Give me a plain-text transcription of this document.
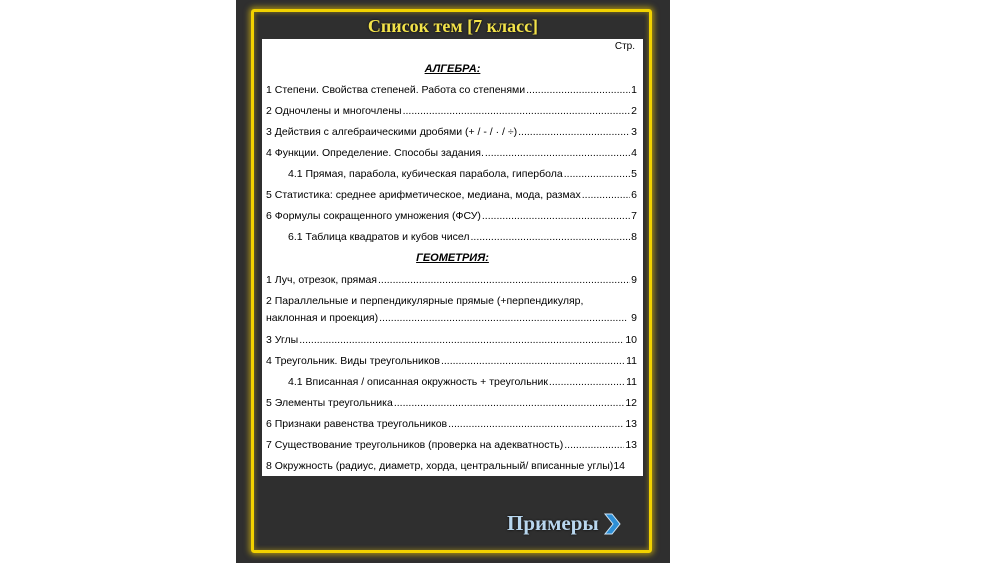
Список тем [7 класс]
Стр.
АЛГЕБРА:
1 Степени. Свойства степеней. Работа со степенями .....	1
2 Одночлены и многочлены .....	2
3 Действия с алгебраическими дробями (+ / - / · / ÷) .....	3
4 Функции. Определение. Способы задания. .....	4
4.1 Прямая, парабола, кубическая парабола, гипербола .....	5
5 Статистика: среднее арифметическое, медиана, мода, размах .....	6
6 Формулы сокращенного умножения (ФСУ) .....	7
6.1 Таблица квадратов и кубов чисел .....	8
ГЕОМЕТРИЯ:
1 Луч, отрезок, прямая .....	9
2 Параллельные и перпендикулярные прямые (+перпендикуляр,
наклонная и проекция) .....	9
3 Углы .....	10
4 Треугольник. Виды треугольников .....	11
4.1 Вписанная / описанная окружность + треугольник .....	11
5 Элементы треугольника .....	12
6 Признаки равенства треугольников .....	13
7 Существование треугольников (проверка на адекватность) .....	13
8 Окружность (радиус, диаметр, хорда, центральный/ вписанные углы) 14
Примеры
